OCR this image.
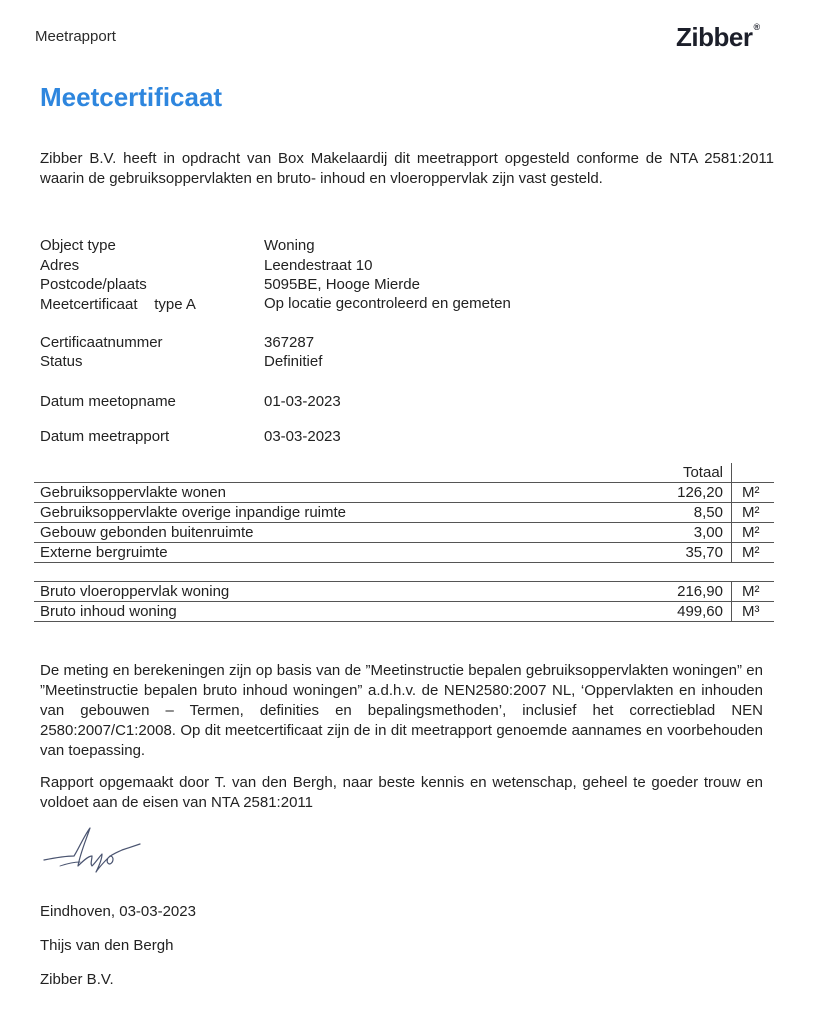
Meetrapport	Zibber®
Meetcertificaat
Zibber B.V. heeft in opdracht van Box Makelaardij dit meetrapport opgesteld conforme de NTA 2581:2011 waarin de gebruiksoppervlakten en bruto- inhoud en vloeroppervlak zijn vast gesteld.
Object type	Woning
Adres	Leendestraat 10
Postcode/plaats	5095BE, Hooge Mierde
Meetcertificaat    type A	Op locatie gecontroleerd en gemeten
Certificaatnummer	367287
Status	Definitief
Datum meetopname	01-03-2023
Datum meetrapport	03-03-2023
	Totaal	
Gebruiksoppervlakte wonen	126,20	M²
Gebruiksoppervlakte overige inpandige ruimte	8,50	M²
Gebouw gebonden buitenruimte	3,00	M²
Externe bergruimte	35,70	M²

Bruto vloeroppervlak woning	216,90	M²
Bruto inhoud woning	499,60	M³
De meting en berekeningen zijn op basis van de ”Meetinstructie bepalen gebruiksoppervlakten woningen” en ”Meetinstructie bepalen bruto inhoud woningen” a.d.h.v. de NEN2580:2007 NL, ‘Oppervlakten en inhouden van gebouwen – Termen, definities en bepalingsmethoden’, inclusief het correctieblad NEN 2580:2007/C1:2008. Op dit meetcertificaat zijn de in dit meetrapport genoemde aannames en voorbehouden van toepassing.
Rapport opgemaakt door T. van den Bergh, naar beste kennis en wetenschap, geheel te goeder trouw en voldoet aan de eisen van NTA 2581:2011
Eindhoven, 03-03-2023
Thijs van den Bergh
Zibber B.V.
